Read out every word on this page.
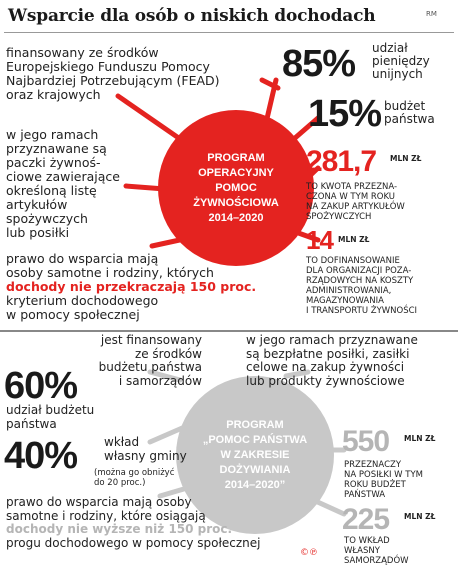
Wsparcie dla osób o niskich dochodach	RM
PROGRAM
OPERACYJNY
POMOC
ŻYWNOŚCIOWA
2014–2020
finansowany ze środków
Europejskiego Funduszu Pomocy
Najbardziej Potrzebującym (FEAD)
oraz krajowych
w jego ramach
przyznawane są
paczki żywnoś-
ciowe zawierające
określoną listę
artykułów
spożywczych
lub posiłki
prawo do wsparcia mają
osoby samotne i rodziny, których
dochody nie przekraczają 150 proc.
kryterium dochodowego
w pomocy społecznej
85% udział
pieniędzy
unijnych
15% budżet
państwa
281,7 MLN ZŁ
TO KWOTA PRZEZNA-
CZONA W TYM ROKU
NA ZAKUP ARTYKUŁÓW
SPOŻYWCZYCH
14 MLN ZŁ
TO DOFINANSOWANIE
DLA ORGANIZACJI POZA-
RZĄDOWYCH NA KOSZTY
ADMINISTROWANIA,
MAGAZYNOWANIA
I TRANSPORTU ŻYWNOŚCI
PROGRAM
„POMOC PAŃSTWA
W ZAKRESIE
DOŻYWIANIA
2014–2020”
jest finansowany
ze środków
budżetu państwa
i samorządów
w jego ramach przyznawane
są bezpłatne posiłki, zasiłki
celowe na zakup żywności
lub produkty żywnościowe
60%
udział budżetu
państwa
40% wkład
własny gminy
(można go obniżyć
do 20 proc.)
prawo do wsparcia mają osoby
samotne i rodziny, które osiągają
dochody nie wyższe niż 150 proc.
progu dochodowego w pomocy społecznej
550 MLN ZŁ
PRZEZNACZY
NA POSIŁKI W TYM
ROKU BUDŻET
PAŃSTWA
225 MLN ZŁ
TO WKŁAD
WŁASNY
SAMORZĄDÓW
©℗
